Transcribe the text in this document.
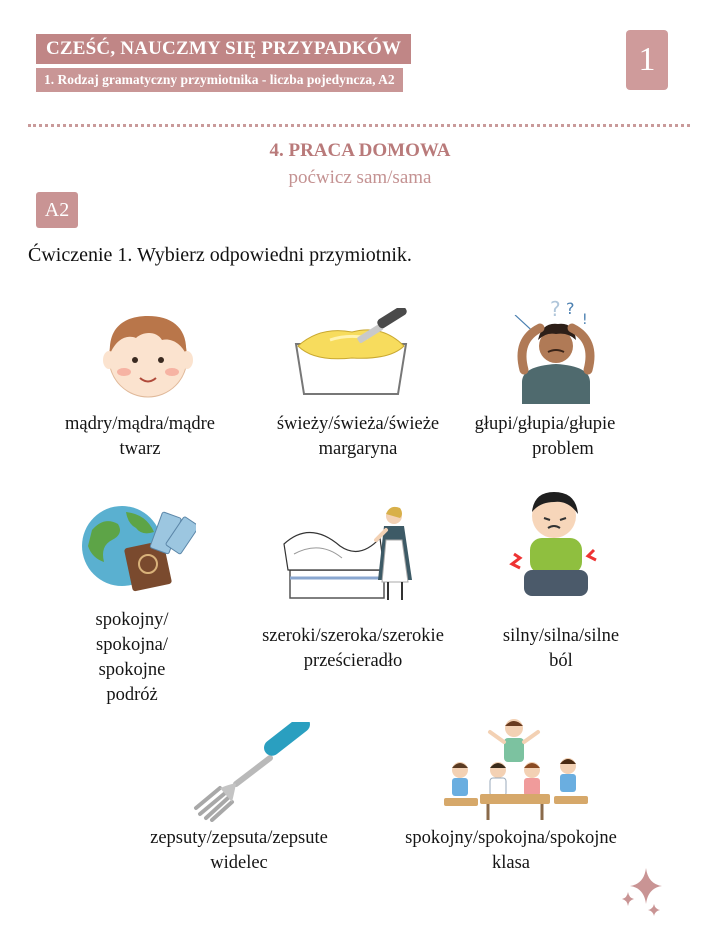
CZEŚĆ, NAUCZMY SIĘ PRZYPADKÓW
1. Rodzaj gramatyczny przymiotnika - liczba pojedyncza, A2
1
4. PRACA DOMOWA
poćwicz sam/sama
A2
Ćwiczenie 1. Wybierz odpowiedni przymiotnik.
╲
? ?
!
mądry/mądra/mądre
twarz
świeży/świeża/świeże
margaryna
głupi/głupia/głupie
problem
spokojny/
spokojna/
spokojne
podróż
szeroki/szeroka/szerokie
prześcieradło
silny/silna/silne
ból
zepsuty/zepsuta/zepsute
widelec
spokojny/spokojna/spokojne
klasa
